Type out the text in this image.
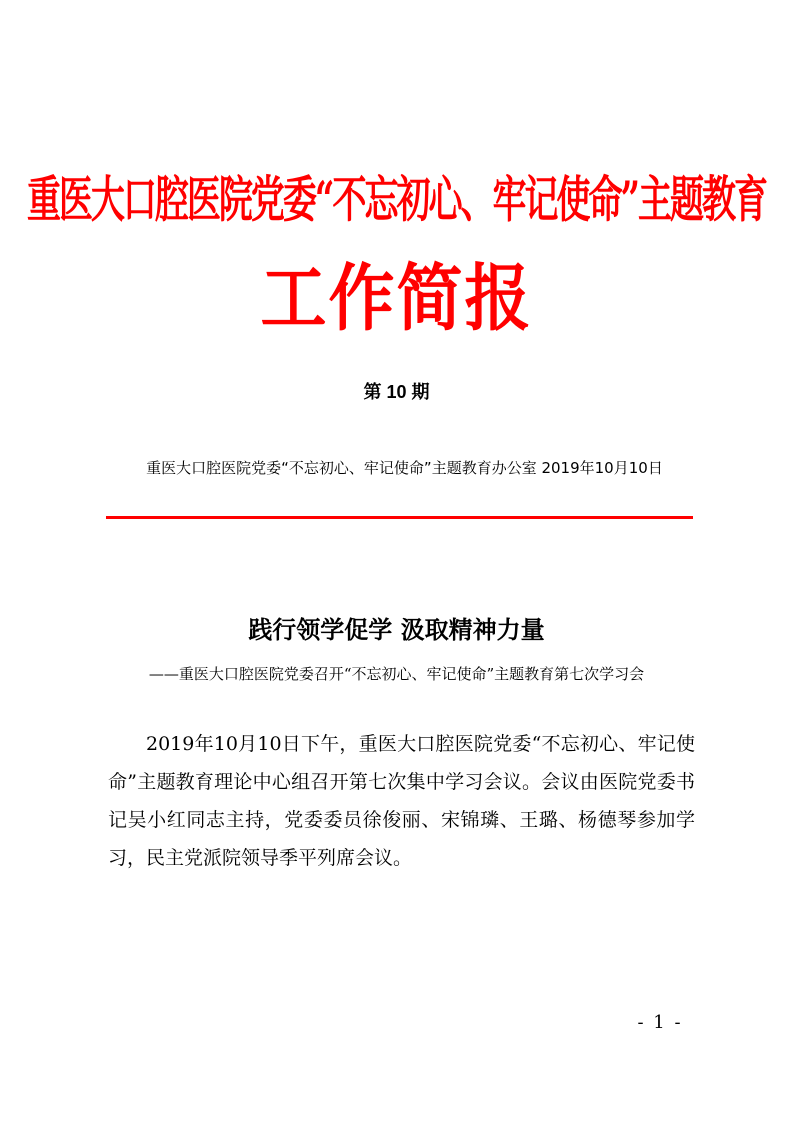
重医大口腔医院党委“不忘初心、牢记使命”主题教育
工作简报
第 10 期
重医大口腔医院党委“不忘初心、牢记使命”主题教育办公室 2019年10月10日
践行领学促学 汲取精神力量
——重医大口腔医院党委召开“不忘初心、牢记使命”主题教育第七次学习会

2019年10月10日下午，重医大口腔医院党委“不忘初心、牢记使命”主题教育理论中心组召开第七次集中学习会议。会议由医院党委书记吴小红同志主持，党委委员徐俊丽、宋锦璘、王璐、杨德琴参加学习，民主党派院领导季平列席会议。

- 1 -
